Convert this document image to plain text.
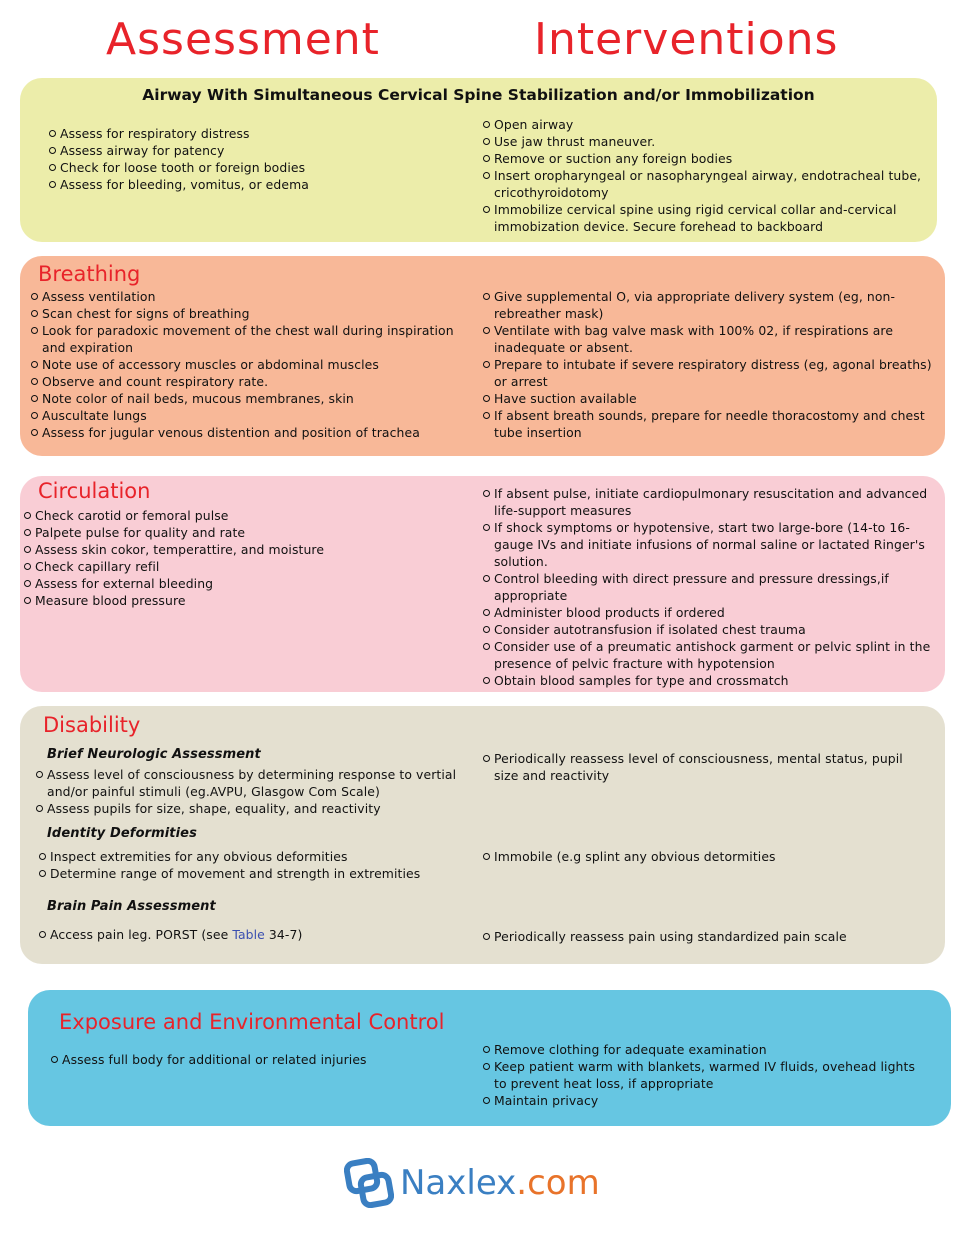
Assessment	Interventions
Airway With Simultaneous Cervical Spine Stabilization and/or Immobilization
Assess for respiratory distress
Assess airway for patency
Check for loose tooth or foreign bodies
Assess for bleeding, vomitus, or edema
Open airway
Use jaw thrust maneuver.
Remove or suction any foreign bodies
Insert oropharyngeal or nasopharyngeal airway, endotracheal tube, cricothyroidotomy
Immobilize cervical spine using rigid cervical collar and-cervical immobization device. Secure forehead to backboard
Breathing
Assess ventilation
Scan chest for signs of breathing
Look for paradoxic movement of the chest wall during inspiration and expiration
Note use of accessory muscles or abdominal muscles
Observe and count respiratory rate.
Note color of nail beds, mucous membranes, skin
Auscultate lungs
Assess for jugular venous distention and position of trachea
Give supplemental O, via appropriate delivery system (eg, non-rebreather mask)
Ventilate with bag valve mask with 100% 02, if respirations are inadequate or absent.
Prepare to intubate if severe respiratory distress (eg, agonal breaths) or arrest
Have suction available
If absent breath sounds, prepare for needle thoracostomy and chest tube insertion
Circulation
Check carotid or femoral pulse
Palpete pulse for quality and rate
Assess skin cokor, temperattire, and moisture
Check capillary refil
Assess for external bleeding
Measure blood pressure
If absent pulse, initiate cardiopulmonary resuscitation and advanced life-support measures
If shock symptoms or hypotensive, start two large-bore (14-to 16-gauge IVs and initiate infusions of normal saline or lactated Ringer's solution.
Control bleeding with direct pressure and pressure dressings,if appropriate
Administer blood products if ordered
Consider autotransfusion if isolated chest trauma
Consider use of a preumatic antishock garment or pelvic splint in the presence of pelvic fracture with hypotension
Obtain blood samples for type and crossmatch
Disability
Brief Neurologic Assessment
Assess level of consciousness by determining response to vertial and/or painful stimuli (eg.AVPU, Glasgow Com Scale)
Assess pupils for size, shape, equality, and reactivity
Periodically reassess level of consciousness, mental status, pupil size and reactivity
Identity Deformities
Inspect extremities for any obvious deformities
Determine range of movement and strength in extremities
Immobile (e.g splint any obvious detormities
Brain Pain Assessment
Access pain leg. PORST (see Table 34-7)	Periodically reassess pain using standardized pain scale
Exposure and Environmental Control
Assess full body for additional or related injuries
Remove clothing for adequate examination
Keep patient warm with blankets, warmed IV fluids, ovehead lights to prevent heat loss, if appropriate
Maintain privacy
Naxlex.com
